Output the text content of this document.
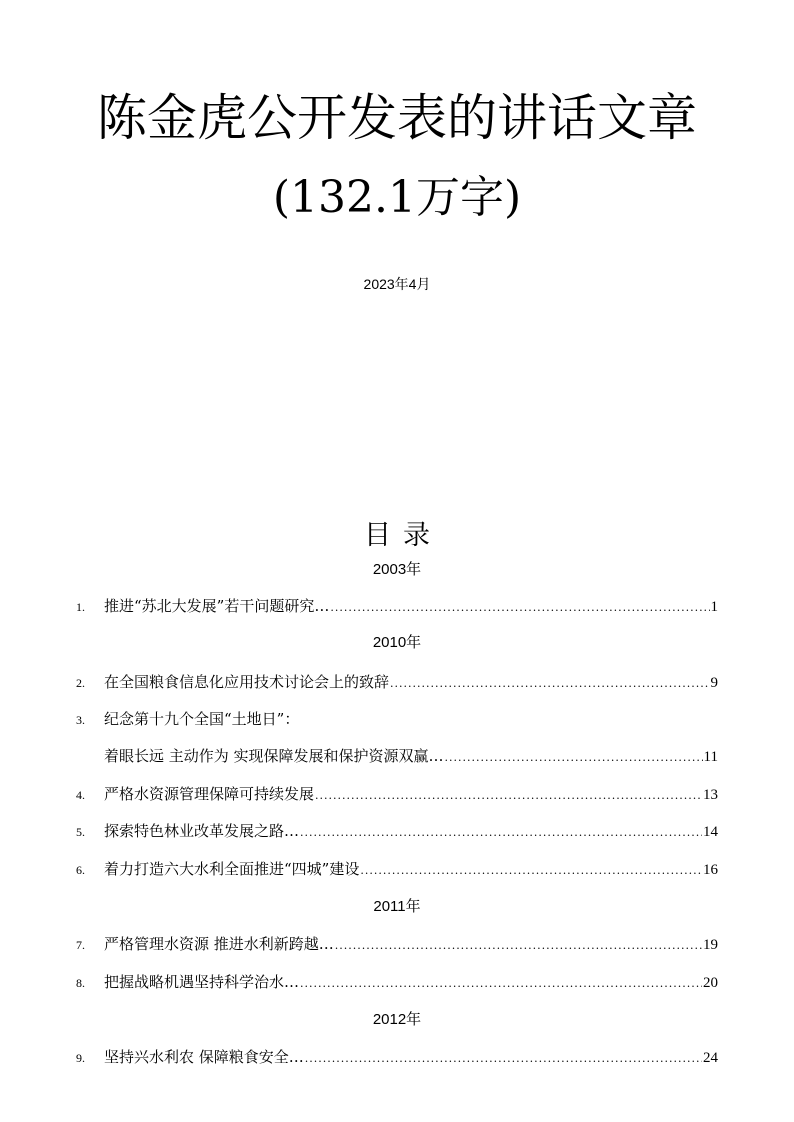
陈金虎公开发表的讲话文章
(132.1万字)
2023年4月
目录
2003年
1.	推进“苏北大发展”若干问题研究… .....	1
2010年
2.	在全国粮食信息化应用技术讨论会上的致辞 .....	9
3.	纪念第十九个全国“土地日”：
着眼长远 主动作为 实现保障发展和保护资源双赢… .....	11
4.	严格水资源管理保障可持续发展 .....	13
5.	探索特色林业改革发展之路… .....	14
6.	着力打造六大水利全面推进“四城”建设 .....	16
2011年
7.	严格管理水资源 推进水利新跨越… .....	19
8.	把握战略机遇坚持科学治水… .....	20
2012年
9.	坚持兴水利农 保障粮食安全… .....	24
